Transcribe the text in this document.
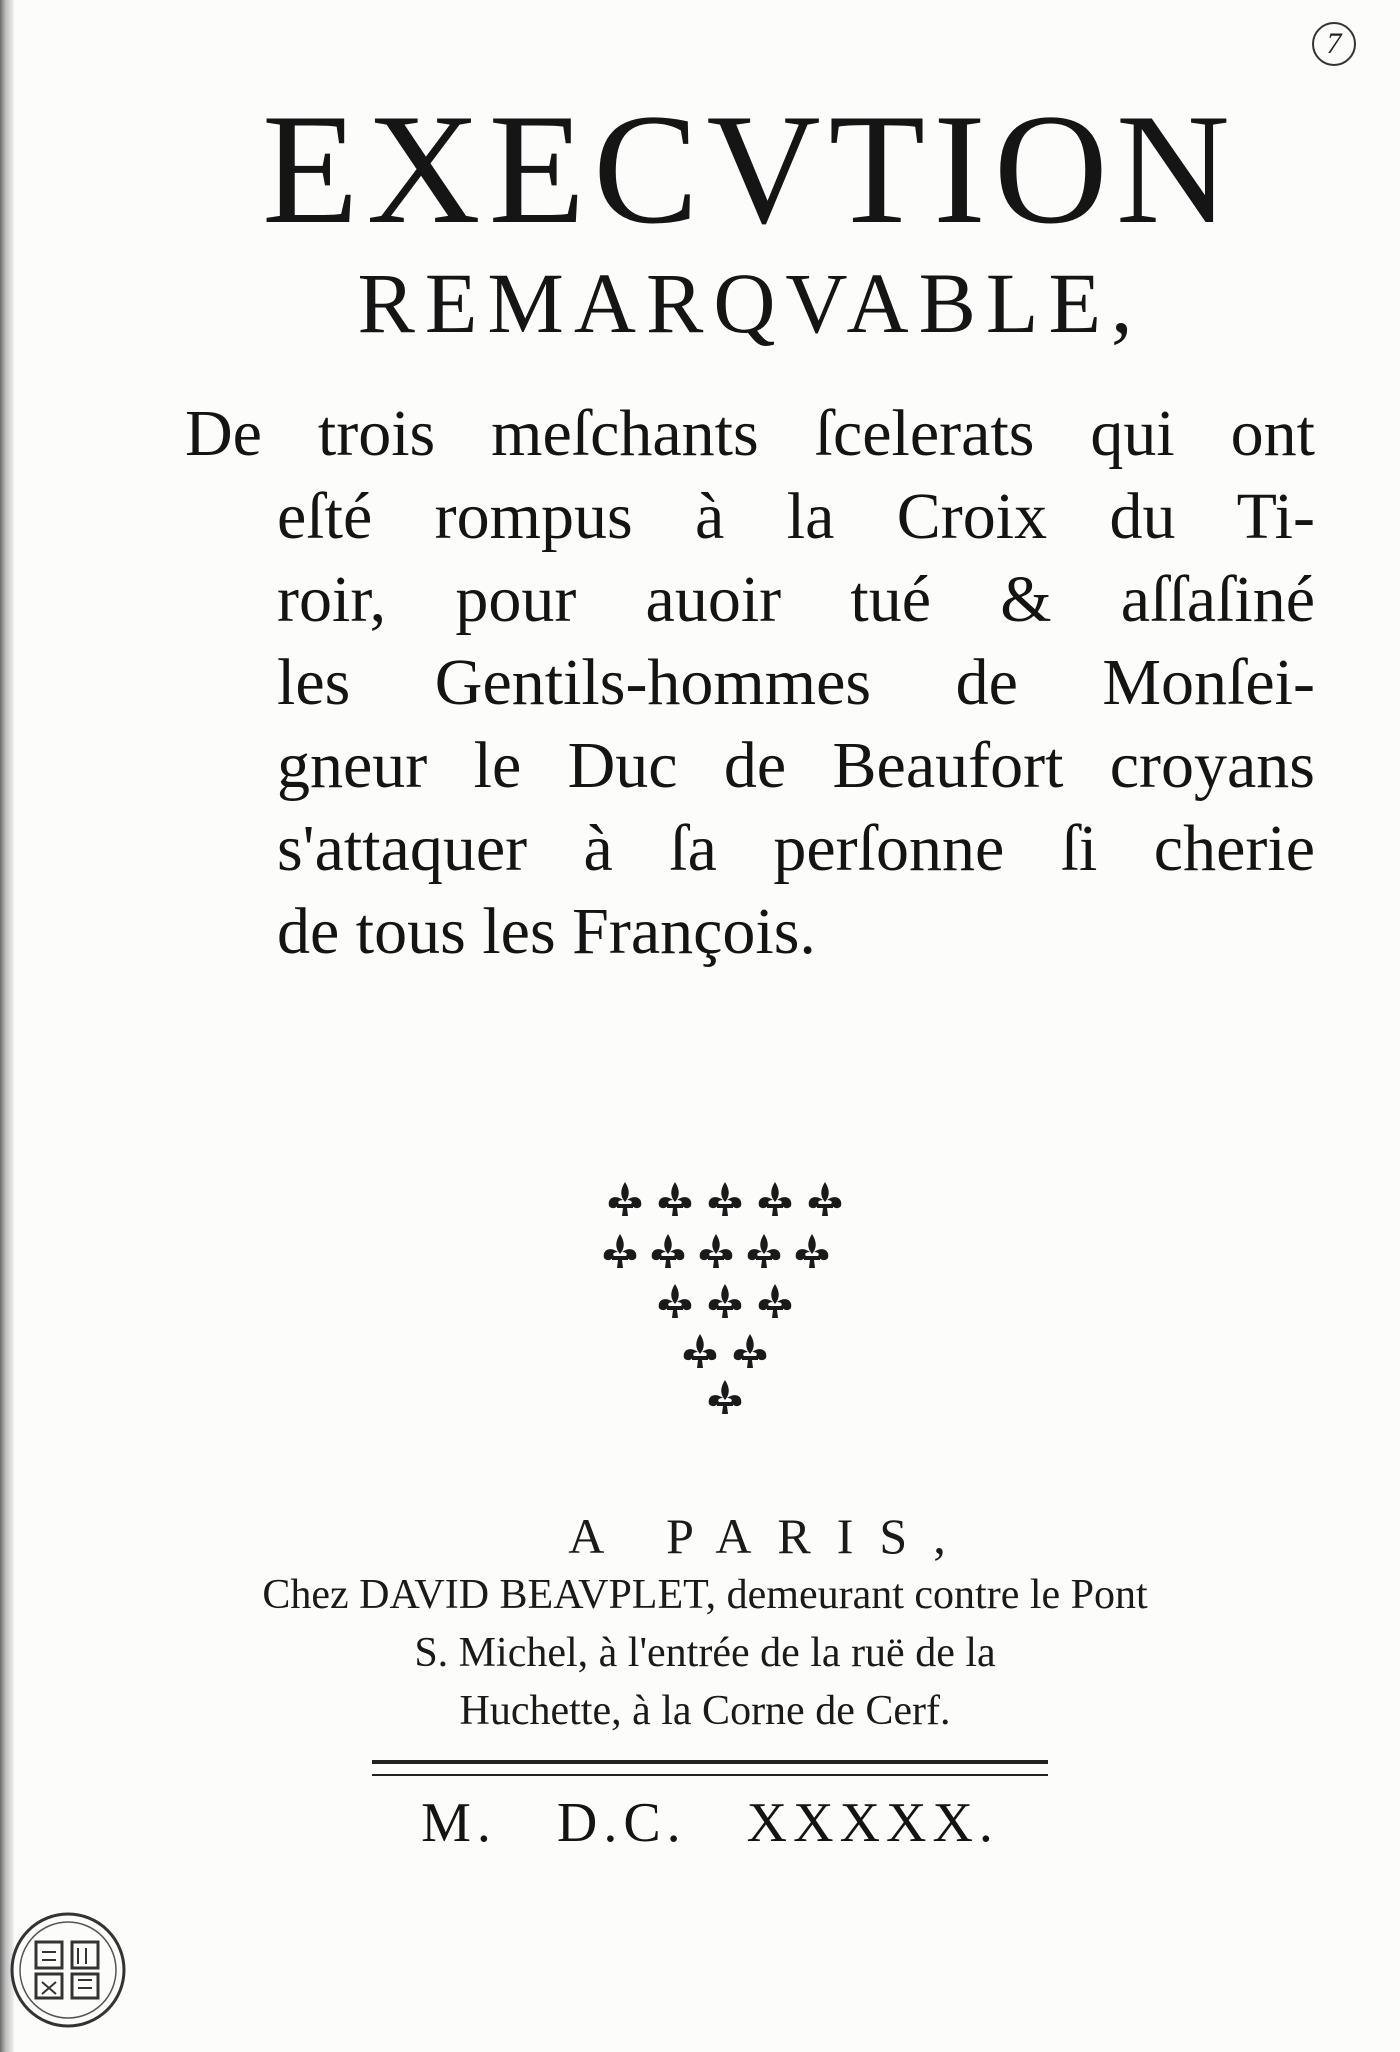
7
EXECVTION
REMARQVABLE,
De trois meſchants ſcelerats qui ont
eſté rompus à la Croix du Ti-
roir, pour auoir tué & aſſaſiné
les Gentils-hommes de Monſei-
gneur le Duc de Beaufort croyans
s'attaquer à ſa perſonne ſi cherie
de tous les François.
A PARIS,
Chez DAVID BEAVPLET, demeurant contre le Pont
S. Michel, à l'entrée de la ruë de la
Huchette, à la Corne de Cerf.
M. D.C. XXXXX.
